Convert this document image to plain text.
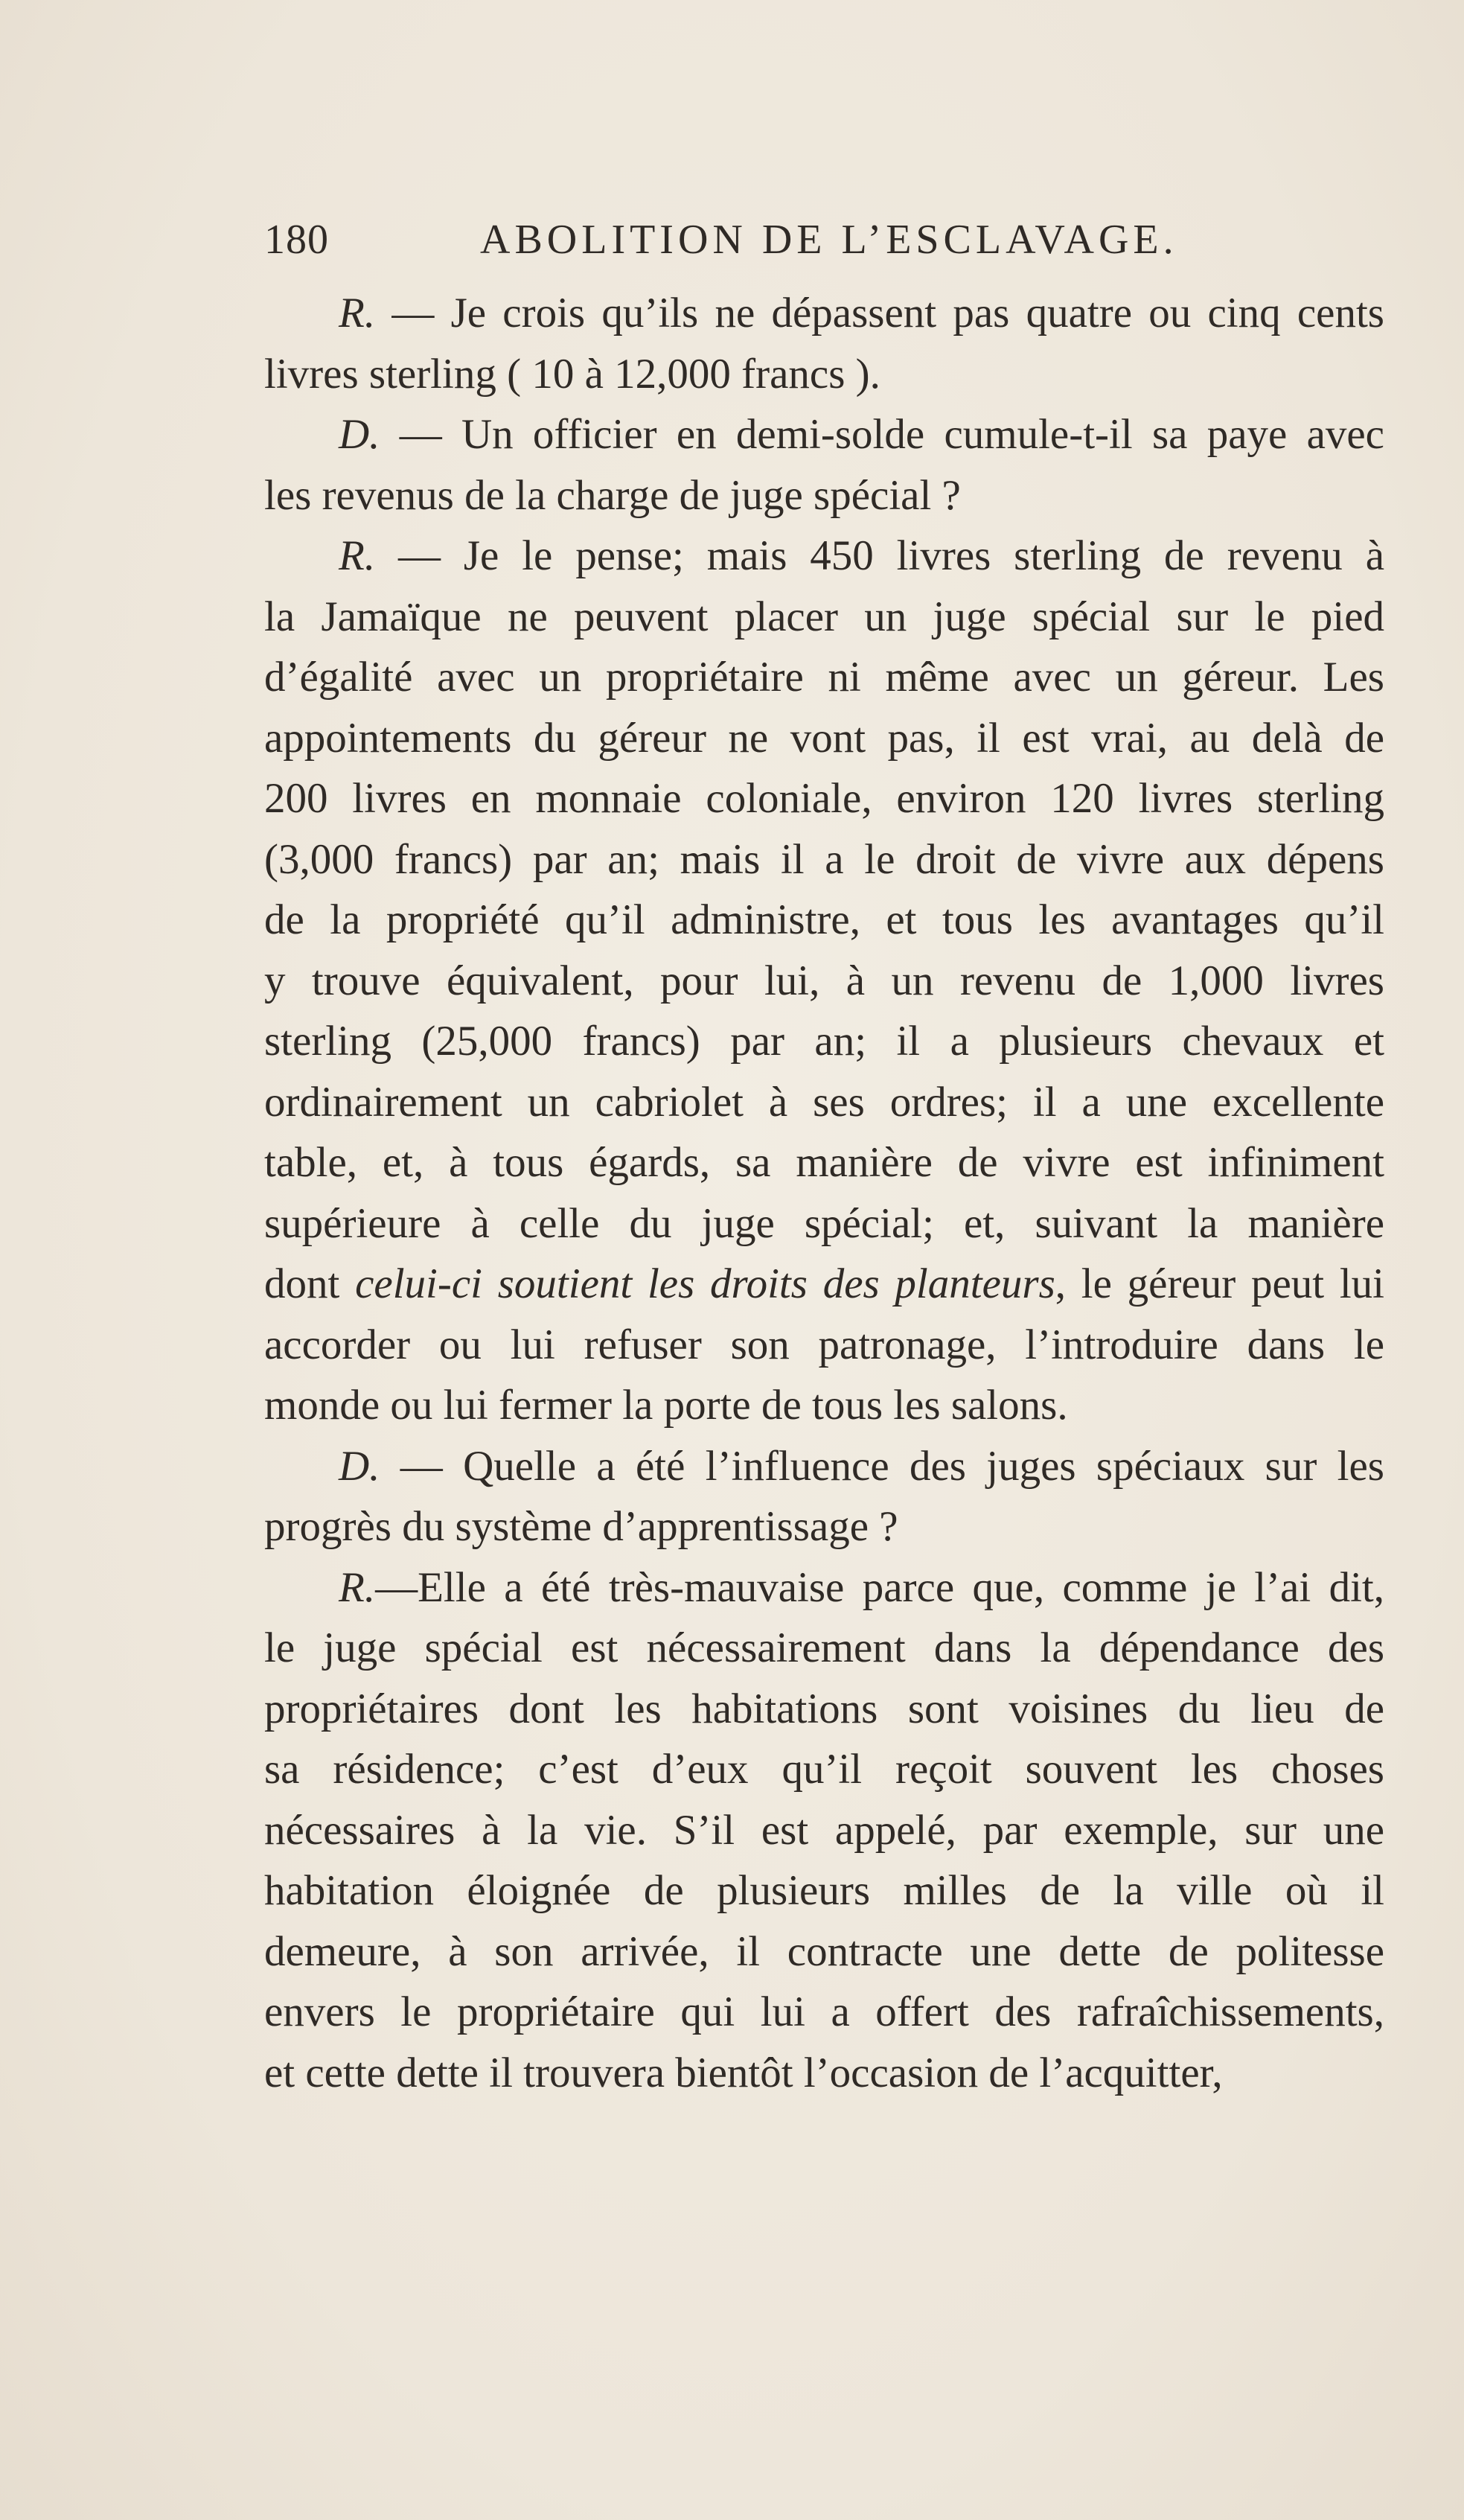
180	ABOLITION DE L’ESCLAVAGE.
R. — Je crois qu’ils ne dépassent pas quatre ou cinq cents
livres sterling ( 10 à 12,000 francs ).
D. — Un officier en demi-solde cumule-t-il sa paye avec
les revenus de la charge de juge spécial ?
R. — Je le pense; mais 450 livres sterling de revenu à
la Jamaïque ne peuvent placer un juge spécial sur le pied
d’égalité avec un propriétaire ni même avec un géreur. Les
appointements du géreur ne vont pas, il est vrai, au delà de
200 livres en monnaie coloniale, environ 120 livres sterling
(3,000 francs) par an; mais il a le droit de vivre aux dépens
de la propriété qu’il administre, et tous les avantages qu’il
y trouve équivalent, pour lui, à un revenu de 1,000 livres
sterling (25,000 francs) par an; il a plusieurs chevaux et
ordinairement un cabriolet à ses ordres; il a une excellente
table, et, à tous égards, sa manière de vivre est infiniment
supérieure à celle du juge spécial; et, suivant la manière
dont celui-ci soutient les droits des planteurs, le géreur peut lui
accorder ou lui refuser son patronage, l’introduire dans le
monde ou lui fermer la porte de tous les salons.
D. — Quelle a été l’influence des juges spéciaux sur les
progrès du système d’apprentissage ?
R.—Elle a été très-mauvaise parce que, comme je l’ai dit,
le juge spécial est nécessairement dans la dépendance des
propriétaires dont les habitations sont voisines du lieu de
sa résidence; c’est d’eux qu’il reçoit souvent les choses
nécessaires à la vie. S’il est appelé, par exemple, sur une
habitation éloignée de plusieurs milles de la ville où il
demeure, à son arrivée, il contracte une dette de politesse
envers le propriétaire qui lui a offert des rafraîchissements,
et cette dette il trouvera bientôt l’occasion de l’acquitter,
